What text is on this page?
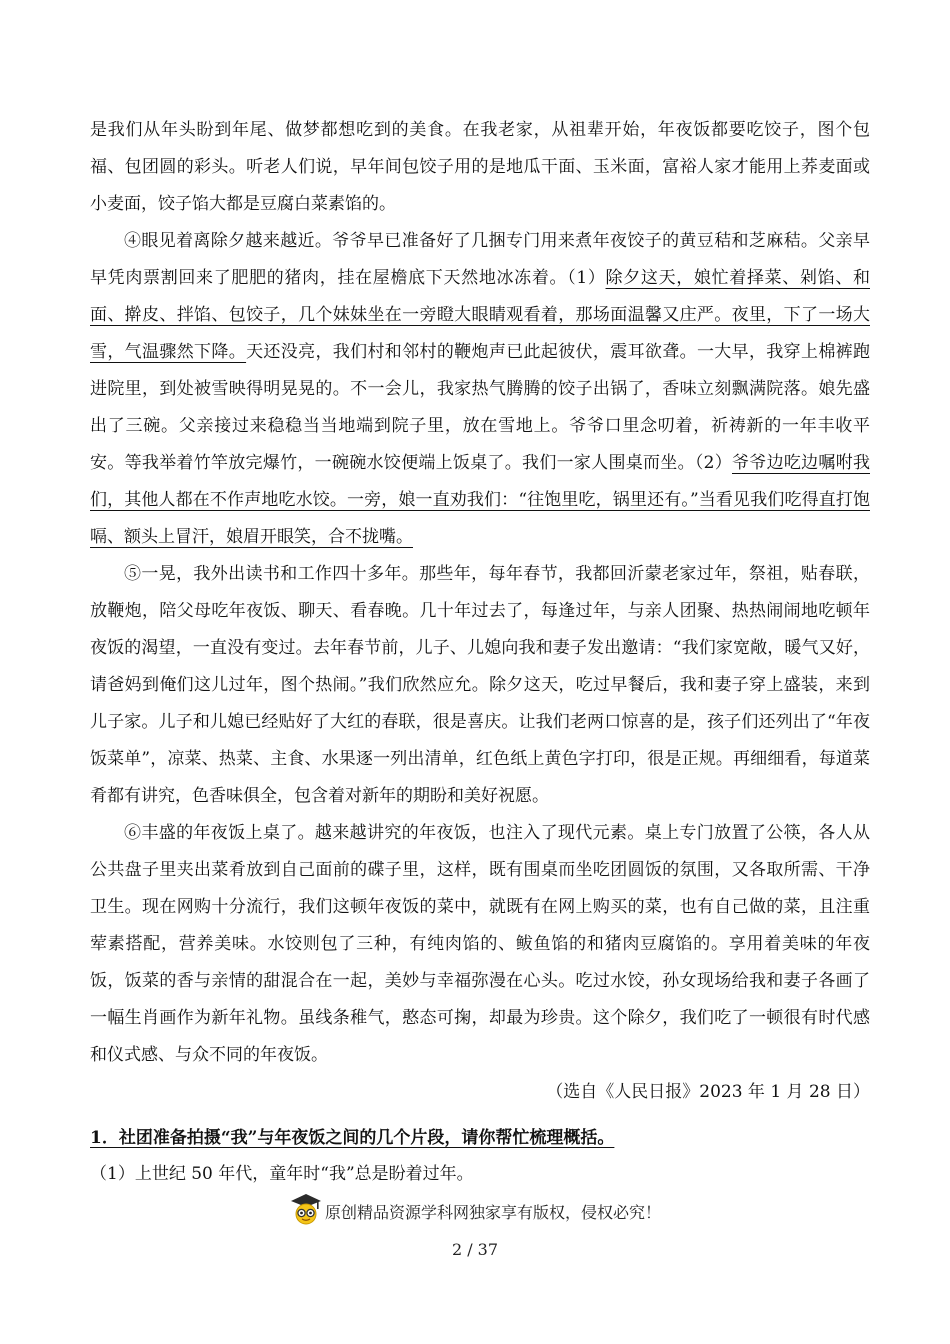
是我们从年头盼到年尾、做梦都想吃到的美食。在我老家，从祖辈开始，年夜饭都要吃饺子，图个包福、包团圆的彩头。听老人们说，早年间包饺子用的是地瓜干面、玉米面，富裕人家才能用上荞麦面或小麦面，饺子馅大都是豆腐白菜素馅的。

④眼见着离除夕越来越近。爷爷早已准备好了几捆专门用来煮年夜饺子的黄豆秸和芝麻秸。父亲早早凭肉票割回来了肥肥的猪肉，挂在屋檐底下天然地冰冻着。（1）除夕这天，娘忙着择菜、剁馅、和面、擀皮、拌馅、包饺子，几个妹妹坐在一旁瞪大眼睛观看着，那场面温馨又庄严。夜里，下了一场大雪，气温骤然下降。天还没亮，我们村和邻村的鞭炮声已此起彼伏，震耳欲聋。一大早，我穿上棉裤跑进院里，到处被雪映得明晃晃的。不一会儿，我家热气腾腾的饺子出锅了，香味立刻飘满院落。娘先盛出了三碗。父亲接过来稳稳当当地端到院子里，放在雪地上。爷爷口里念叨着，祈祷新的一年丰收平安。等我举着竹竿放完爆竹，一碗碗水饺便端上饭桌了。我们一家人围桌而坐。（2）爷爷边吃边嘱咐我们，其他人都在不作声地吃水饺。一旁，娘一直劝我们：“往饱里吃，锅里还有。”当看见我们吃得直打饱嗝、额头上冒汗，娘眉开眼笑，合不拢嘴。

⑤一晃，我外出读书和工作四十多年。那些年，每年春节，我都回沂蒙老家过年，祭祖，贴春联，放鞭炮，陪父母吃年夜饭、聊天、看春晚。几十年过去了，每逢过年，与亲人团聚、热热闹闹地吃顿年夜饭的渴望，一直没有变过。去年春节前，儿子、儿媳向我和妻子发出邀请：“我们家宽敞，暖气又好，请爸妈到俺们这儿过年，图个热闹。”我们欣然应允。除夕这天，吃过早餐后，我和妻子穿上盛装，来到儿子家。儿子和儿媳已经贴好了大红的春联，很是喜庆。让我们老两口惊喜的是，孩子们还列出了“年夜饭菜单”，凉菜、热菜、主食、水果逐一列出清单，红色纸上黄色字打印，很是正规。再细细看，每道菜肴都有讲究，色香味俱全，包含着对新年的期盼和美好祝愿。

⑥丰盛的年夜饭上桌了。越来越讲究的年夜饭，也注入了现代元素。桌上专门放置了公筷，各人从公共盘子里夹出菜肴放到自己面前的碟子里，这样，既有围桌而坐吃团圆饭的氛围，又各取所需、干净卫生。现在网购十分流行，我们这顿年夜饭的菜中，就既有在网上购买的菜，也有自己做的菜，且注重荤素搭配，营养美味。水饺则包了三种，有纯肉馅的、鲅鱼馅的和猪肉豆腐馅的。享用着美味的年夜饭，饭菜的香与亲情的甜混合在一起，美妙与幸福弥漫在心头。吃过水饺，孙女现场给我和妻子各画了一幅生肖画作为新年礼物。虽线条稚气，憨态可掬，却最为珍贵。这个除夕，我们吃了一顿很有时代感和仪式感、与众不同的年夜饭。

（选自《人民日报》2023 年 1 月 28 日）

1．社团准备拍摄“我”与年夜饭之间的几个片段，请你帮忙梳理概括。

（1）上世纪 50 年代，童年时“我”总是盼着过年。

原创精品资源学科网独家享有版权，侵权必究！
2 / 37
